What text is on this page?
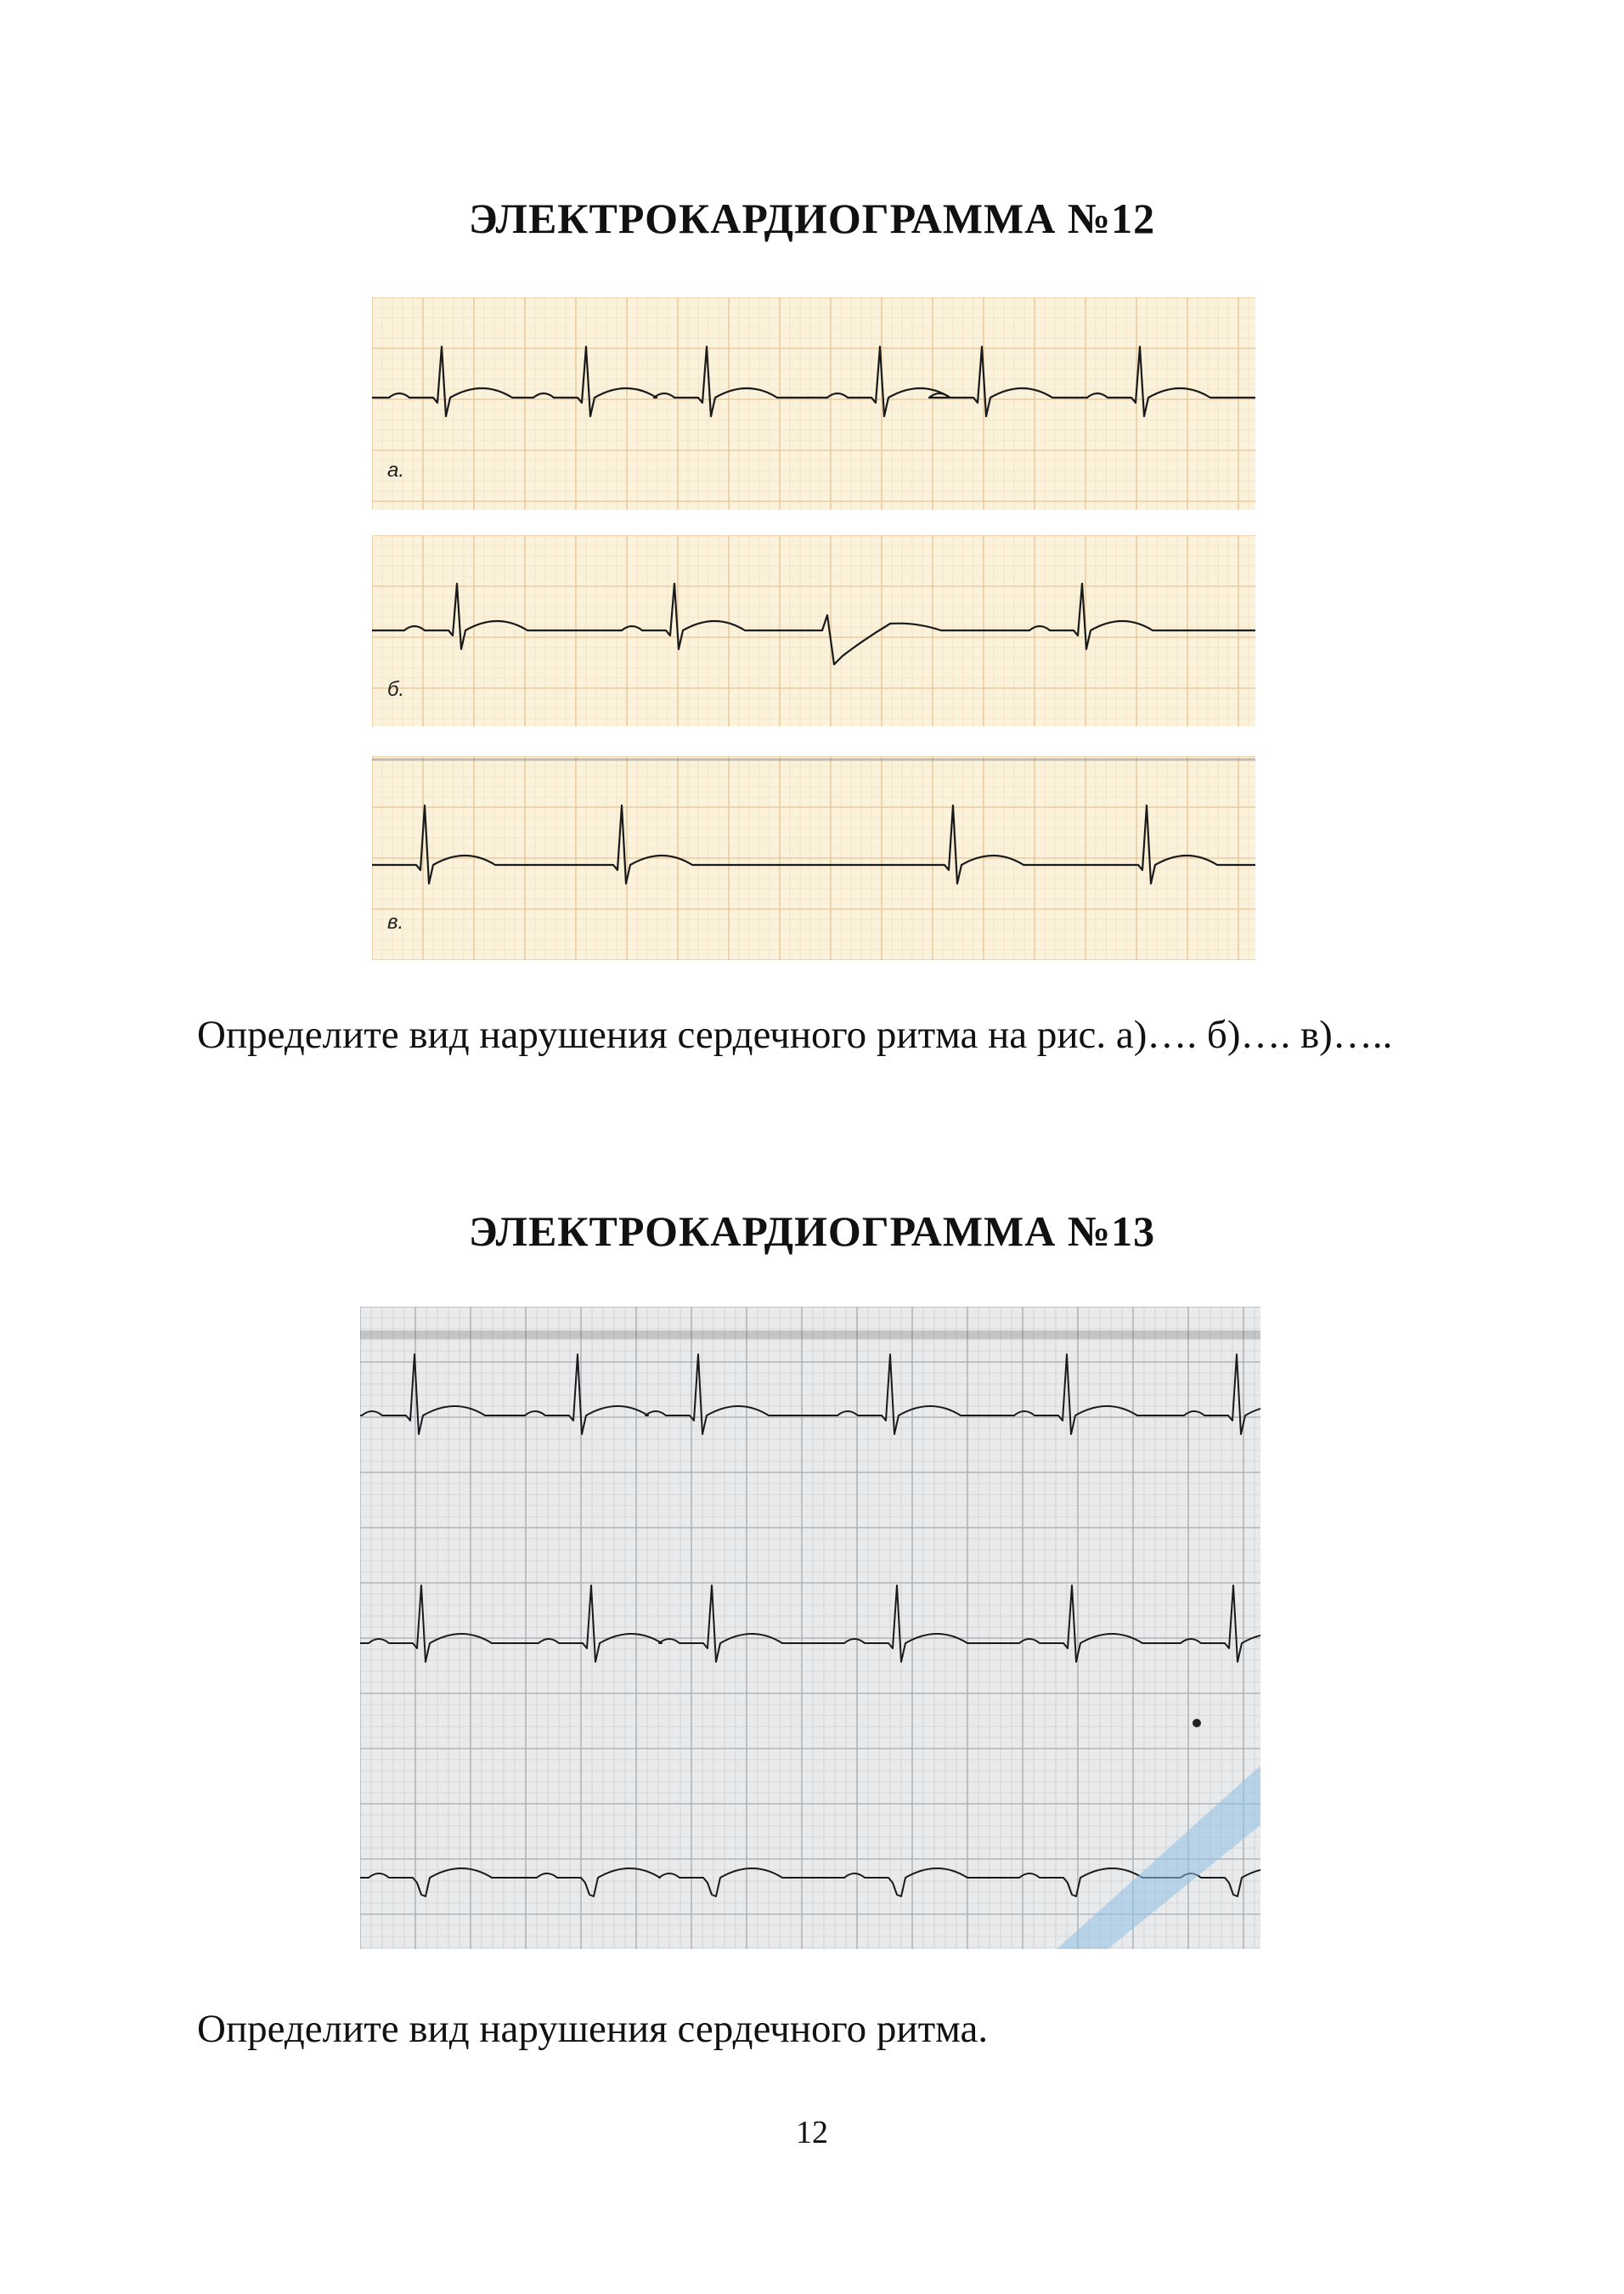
ЭЛЕКТРОКАРДИОГРАММА №12
а.
б.
в.
Определите вид нарушения сердечного ритма на рис. а)…. б)…. в)…..
ЭЛЕКТРОКАРДИОГРАММА №13
Определите вид нарушения сердечного ритма.
12
